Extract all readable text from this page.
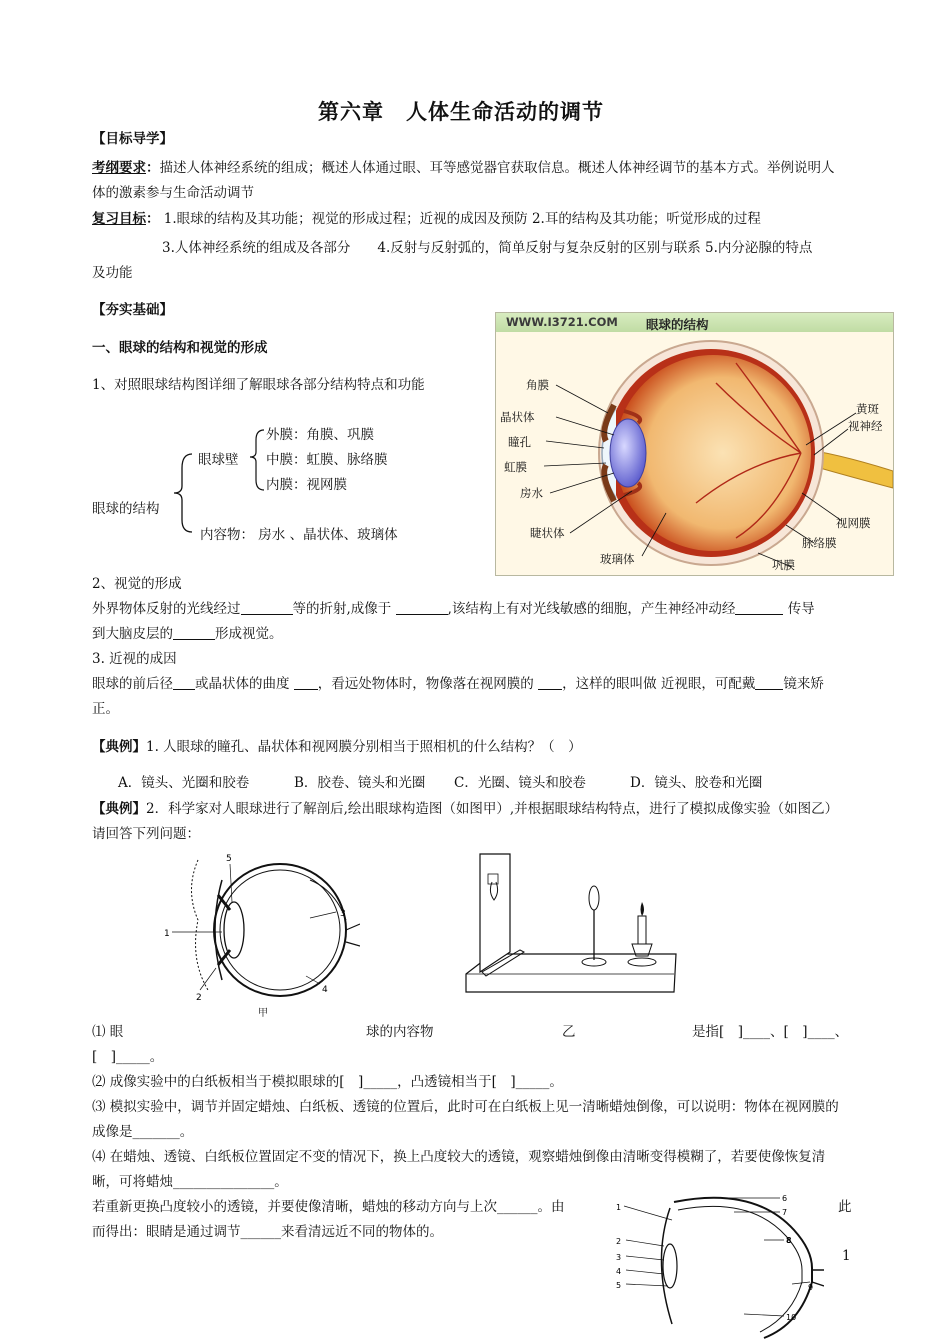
第六章　人体生命活动的调节
【目标导学】
考纲要求：描述人体神经系统的组成；概述人体通过眼、耳等感觉器官获取信息。概述人体神经调节的基本方式。举例说明人
体的激素参与生命活动调节
复习目标： 1.眼球的结构及其功能；视觉的形成过程；近视的成因及预防 2.耳的结构及其功能；听觉形成的过程
3.人体神经系统的组成及各部分　　4.反射与反射弧的，简单反射与复杂反射的区别与联系 5.内分泌腺的特点
及功能
【夯实基础】
一、眼球的结构和视觉的形成
1、对照眼球结构图详细了解眼球各部分结构特点和功能
眼球的结构
眼球壁
外膜：角膜、巩膜
中膜：虹膜、脉络膜
内膜：视网膜
内容物： 房水 、晶状体、玻璃体
WWW.I3721.COM 眼球的结构
角膜
晶状体
瞳孔
虹膜
房水
睫状体
玻璃体	巩膜
脉络膜
视网膜
黄斑
视神经
2、视觉的形成
外界物体反射的光线经过	等的折射,成像于	,该结构上有对光线敏感的细胞，产生神经冲动经	传导
到大脑皮层的	形成视觉。
3. 近视的成因
眼球的前后径 或晶状体的曲度 ，看远处物体时，物像落在视网膜的 ，这样的眼叫做 近视眼，可配戴 镜来矫
正。
【典例】1. 人眼球的瞳孔、晶状体和视网膜分别相当于照相机的什么结构？（　）
A．镜头、光圈和胶卷	B．胶卷、镜头和光圈 C．光圈、镜头和胶卷	D．镜头、胶卷和光圈
【典例】2．科学家对人眼球进行了解剖后,绘出眼球构造图（如图甲）,并根据眼球结构特点，进行了模拟成像实验（如图乙）
请回答下列问题：
1
2
3
4
5
甲
⑴ 眼	球的内容物	乙	是指[　]____、[　]____、
[　]_____。
⑵ 成像实验中的白纸板相当于模拟眼球的[　]_____，凸透镜相当于[　]_____。
⑶ 模拟实验中，调节并固定蜡烛、白纸板、透镜的位置后，此时可在白纸板上见一清晰蜡烛倒像，可以说明：物体在视网膜的
成像是_______。
⑷ 在蜡烛、透镜、白纸板位置固定不变的情况下，换上凸度较大的透镜，观察蜡烛倒像由清晰变得模糊了，若要使像恢复清
晰，可将蜡烛_______________。
若重新更换凸度较小的透镜，并要使像清晰，蜡烛的移动方向与上次______。由	此
而得出：眼睛是通过调节______来看清远近不同的物体的。
1
2
3
4
5
6
7
8
9
10
1
